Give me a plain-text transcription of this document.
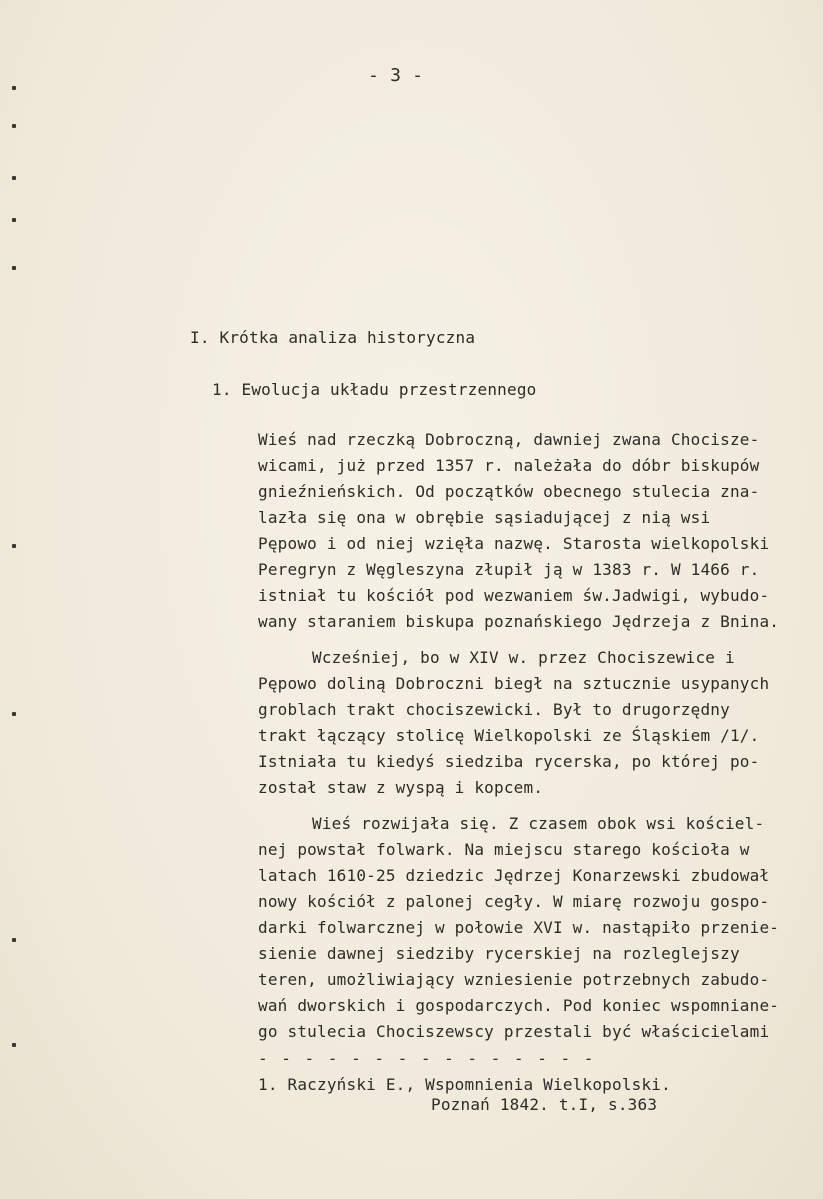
- 3 -
I. Krótka analiza historyczna
1. Ewolucja układu przestrzennego
Wieś nad rzeczką Dobroczną, dawniej zwana Chocisze-
wicami, już przed 1357 r. należała do dóbr biskupów
gnieźnieńskich. Od początków obecnego stulecia zna-
lazła się ona w obrębie sąsiadującej z nią wsi
Pępowo i od niej wzięła nazwę. Starosta wielkopolski
Peregryn z Węgleszyna złupił ją w 1383 r. W 1466 r.
istniał tu kościół pod wezwaniem św.Jadwigi, wybudo-
wany staraniem biskupa poznańskiego Jędrzeja z Bnina.
Wcześniej, bo w XIV w. przez Chociszewice i
Pępowo doliną Dobroczni biegł na sztucznie usypanych
groblach trakt chociszewicki. Był to drugorzędny
trakt łączący stolicę Wielkopolski ze Śląskiem /1/.
Istniała tu kiedyś siedziba rycerska, po której po-
został staw z wyspą i kopcem.
Wieś rozwijała się. Z czasem obok wsi kościel-
nej powstał folwark. Na miejscu starego kościoła w
latach 1610-25 dziedzic Jędrzej Konarzewski zbudował
nowy kościół z palonej cegły. W miarę rozwoju gospo-
darki folwarcznej w połowie XVI w. nastąpiło przenie-
sienie dawnej siedziby rycerskiej na rozleglejszy
teren, umożliwiający wzniesienie potrzebnych zabudo-
wań dworskich i gospodarczych. Pod koniec wspomniane-
go stulecia Chociszewscy przestali być właścicielami
- - - - - - - - - - - - - - -
1. Raczyński E., Wspomnienia Wielkopolski.
Poznań 1842. t.I, s.363
